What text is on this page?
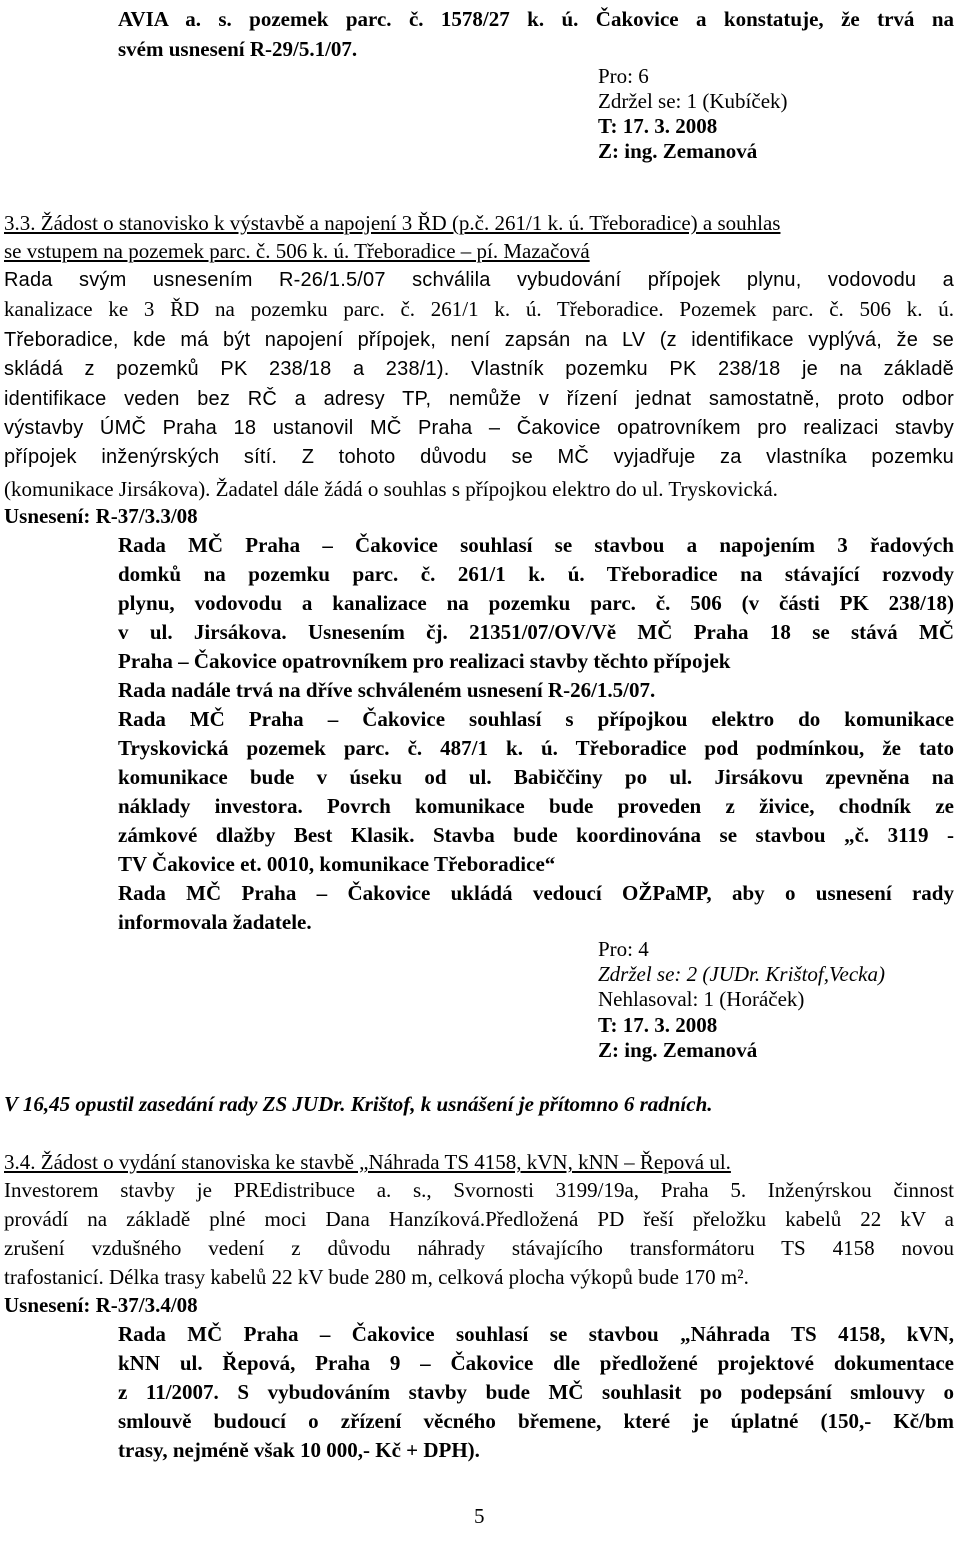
AVIA a. s. pozemek parc. č. 1578/27 k. ú. Čakovice a konstatuje, že trvá na
svém usnesení R-29/5.1/07.
Pro: 6
Zdržel se: 1 (Kubíček)
T: 17. 3. 2008
Z: ing. Zemanová
3.3. Žádost o stanovisko k výstavbě a napojení 3 ŘD (p.č. 261/1 k. ú. Třeboradice) a souhlas
se vstupem na pozemek parc. č. 506 k. ú. Třeboradice – pí. Mazačová
Rada svým usnesením R-26/1.5/07 schválila vybudování přípojek plynu, vodovodu a
kanalizace ke 3 ŘD na pozemku parc. č. 261/1 k. ú. Třeboradice. Pozemek parc. č. 506 k. ú.
Třeboradice, kde má být napojení přípojek, není zapsán na LV (z identifikace vyplývá, že se
skládá z pozemků PK 238/18 a 238/1). Vlastník pozemku PK 238/18 je na základě
identifikace veden bez RČ a adresy TP, nemůže v řízení jednat samostatně, proto odbor
výstavby ÚMČ Praha 18 ustanovil MČ Praha – Čakovice opatrovníkem pro realizaci stavby
přípojek inženýrských sítí. Z tohoto důvodu se MČ vyjadřuje za vlastníka pozemku
(komunikace Jirsákova). Žadatel dále žádá o souhlas s přípojkou elektro do ul. Tryskovická.
Usnesení: R-37/3.3/08
Rada MČ Praha – Čakovice souhlasí se stavbou a napojením 3 řadových
domků na pozemku parc. č. 261/1 k. ú. Třeboradice na stávající rozvody
plynu, vodovodu a kanalizace na pozemku parc. č. 506 (v části PK 238/18)
v ul. Jirsákova. Usnesením čj. 21351/07/OV/Vě MČ Praha 18 se stává MČ
Praha – Čakovice opatrovníkem pro realizaci stavby těchto přípojek
Rada nadále trvá na dříve schváleném usnesení R-26/1.5/07.
Rada MČ Praha – Čakovice souhlasí s přípojkou elektro do komunikace
Tryskovická pozemek parc. č. 487/1 k. ú. Třeboradice pod podmínkou, že tato
komunikace bude v úseku od ul. Babiččiny po ul. Jirsákovu zpevněna na
náklady investora. Povrch komunikace bude proveden z živice, chodník ze
zámkové dlažby Best Klasik. Stavba bude koordinována se stavbou „č. 3119 -
TV Čakovice et. 0010, komunikace Třeboradice“
Rada MČ Praha – Čakovice ukládá vedoucí OŽPaMP, aby o usnesení rady
informovala žadatele.
Pro: 4
Zdržel se: 2 (JUDr. Krištof,Vecka)
Nehlasoval: 1 (Horáček)
T: 17. 3. 2008
Z: ing. Zemanová
V 16,45 opustil zasedání rady ZS JUDr. Krištof, k usnášení je přítomno 6 radních.
3.4. Žádost o vydání stanoviska ke stavbě „Náhrada TS 4158, kVN, kNN – Řepová ul.
Investorem stavby je PREdistribuce a. s., Svornosti 3199/19a, Praha 5. Inženýrskou činnost
provádí na základě plné moci Dana Hanzíková.Předložená PD řeší přeložku kabelů 22 kV a
zrušení vzdušného vedení z důvodu náhrady stávajícího transformátoru TS 4158 novou
trafostanicí. Délka trasy kabelů 22 kV bude 280 m, celková plocha výkopů bude 170 m².
Usnesení: R-37/3.4/08
Rada MČ Praha – Čakovice souhlasí se stavbou „Náhrada TS 4158, kVN,
kNN ul. Řepová, Praha 9 – Čakovice dle předložené projektové dokumentace
z 11/2007. S vybudováním stavby bude MČ souhlasit po podepsání smlouvy o
smlouvě budoucí o zřízení věcného břemene, které je úplatné (150,- Kč/bm
trasy, nejméně však 10 000,- Kč + DPH).
5
